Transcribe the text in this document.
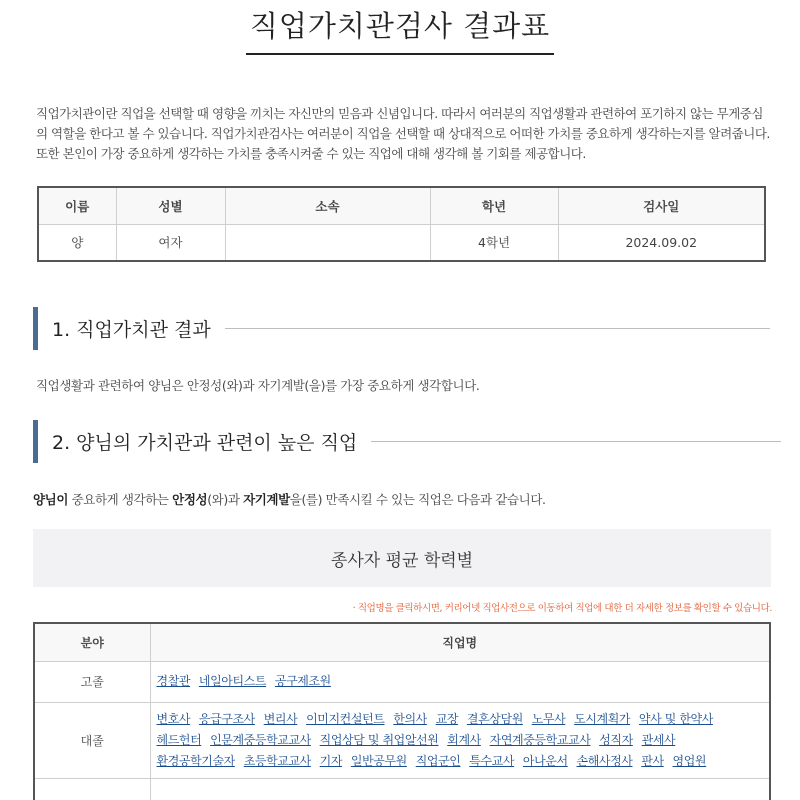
직업가치관검사 결과표

직업가치관이란 직업을 선택할 때 영향을 끼치는 자신만의 믿음과 신념입니다. 따라서 여러분의 직업생활과 관련하여 포기하지 않는 무게중심의 역할을 한다고 볼 수 있습니다. 직업가치관검사는 여러분이 직업을 선택할 때 상대적으로 어떠한 가치를 중요하게 생각하는지를 알려줍니다. 또한 본인이 가장 중요하게 생각하는 가치를 충족시켜줄 수 있는 직업에 대해 생각해 볼 기회를 제공합니다.

이름	성별	소속	학년	검사일
양	여자		4학년	2024.09.02
1. 직업가치관 결과

직업생활과 관련하여 양님은 안정성(와)과 자기계발(을)를 가장 중요하게 생각합니다.

2. 양님의 가치관과 관련이 높은 직업

양님이 중요하게 생각하는 안정성(와)과 자기계발을(를) 만족시킬 수 있는 직업은 다음과 같습니다.

종사자 평균 학력별

· 직업명을 클릭하시면, 커리어넷 직업사전으로 이동하여 직업에 대한 더 자세한 정보를 확인할 수 있습니다.

분야	직업명
고졸	경찰관 네일아티스트 공구제조원
대졸	변호사 응급구조사 변리사 이미지컨설턴트 한의사 교장 결혼상담원 노무사 도시계획가 약사 및 한약사 헤드헌터 인문계중등학교교사 직업상담 및 취업알선원 회계사 자연계중등학교교사 성직자 관세사 환경공학기술자 초등학교교사 기자 일반공무원 직업군인 특수교사 아나운서 손해사정사 판사 영업원
